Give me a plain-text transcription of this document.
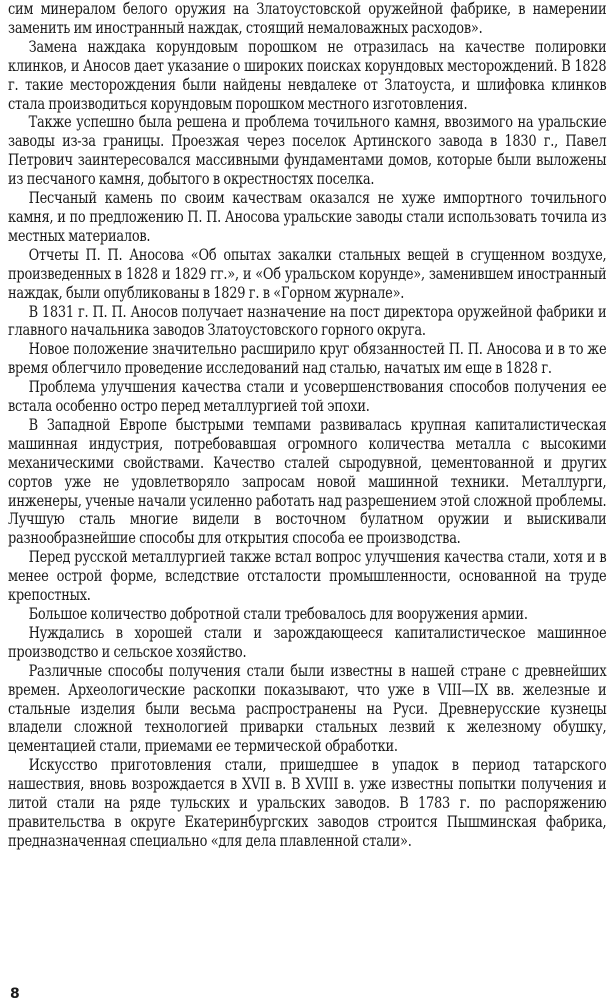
сим минералом белого оружия на Златоустовской оружейной фабрике, в намерении заменить им иностранный наждак, стоящий немаловажных расходов».

Замена наждака корундовым порошком не отразилась на качестве полировки клинков, и Аносов дает указание о широких поисках корундовых месторождений. В 1828 г. такие месторождения были найдены невдалеке от Златоуста, и шлифовка клинков стала производиться корундовым порошком местного изготовления.

Также успешно была решена и проблема точильного камня, ввозимого на уральские заводы из-за границы. Проезжая через поселок Артинского завода в 1830 г., Павел Петрович заинтересовался массивными фундаментами домов, которые были выложены из песчаного камня, добытого в окрестностях поселка.

Песчаный камень по своим качествам оказался не хуже импортного точильного камня, и по предложению П. П. Аносова уральские заводы стали использовать точила из местных материалов.

Отчеты П. П. Аносова «Об опытах закалки стальных вещей в сгущенном воздухе, произведенных в 1828 и 1829 гг.», и «Об уральском корунде», заменившем иностранный наждак, были опубликованы в 1829 г. в «Горном журнале».

В 1831 г. П. П. Аносов получает назначение на пост директора оружейной фабрики и главного начальника заводов Златоустовского горного округа.

Новое положение значительно расширило круг обязанностей П. П. Аносова и в то же время облегчило проведение исследований над сталью, начатых им еще в 1828 г.

Проблема улучшения качества стали и усовершенствования способов получения ее встала особенно остро перед металлургией той эпохи.

В Западной Европе быстрыми темпами развивалась крупная капиталистическая машинная индустрия, потребовавшая огромного количества металла с высокими механическими свойствами. Качество сталей сыродувной, цементованной и других сортов уже не удовлетворяло запросам новой машинной техники. Металлурги, инженеры, ученые начали усиленно работать над разрешением этой сложной проблемы. Лучшую сталь многие видели в восточном булатном оружии и выискивали разнообразнейшие способы для открытия способа ее производства.

Перед русской металлургией также встал вопрос улучшения качества стали, хотя и в менее острой форме, вследствие отсталости промышленности, основанной на труде крепостных.

Большое количество добротной стали требовалось для вооружения армии.

Нуждались в хорошей стали и зарождающееся капиталистическое машинное производство и сельское хозяйство.

Различные способы получения стали были известны в нашей стране с древнейших времен. Археологические раскопки показывают, что уже в VIII—IX вв. железные и стальные изделия были весьма распространены на Руси. Древнерусские кузнецы владели сложной технологией приварки стальных лезвий к железному обушку, цементацией стали, приемами ее термической обработки.

Искусство приготовления стали, пришедшее в упадок в период татарского нашествия, вновь возрождается в XVII в. В XVIII в. уже известны попытки получения и литой стали на ряде тульских и уральских заводов. В 1783 г. по распоряжению правительства в округе Екатеринбургских заводов строится Пышминская фабрика, предназначенная специально «для дела плавленной стали».

8
